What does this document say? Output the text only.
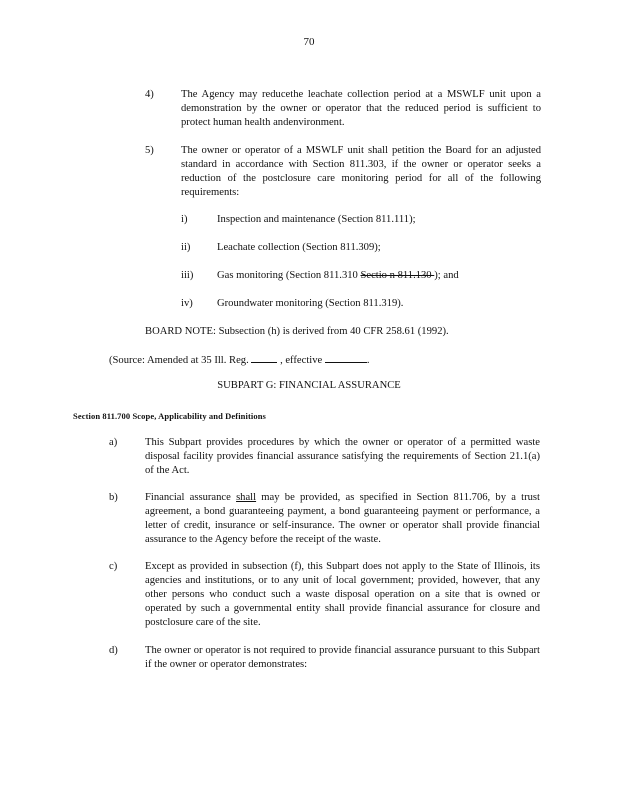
70
4)	The Agency may reducethe leachate collection period at a MSWLF unit upon a demonstration by the owner or operator that the reduced period is sufficient to protect human health andenvironment.
5)	The owner or operator of a MSWLF unit shall petition the Board for an adjusted standard in accordance with Section 811.303, if the owner or operator seeks a reduction of the postclosure care monitoring period for all of the following requirements:
i)	Inspection and maintenance (Section 811.111);
ii)	Leachate collection (Section 811.309);
iii)	Gas monitoring (Section 811.310 Sectio n 811.130 ); and
iv)	Groundwater monitoring (Section 811.319).
BOARD NOTE: Subsection (h) is derived from 40 CFR 258.61 (1992).
(Source: Amended at 35 Ill. Reg.	, effective	.
SUBPART G: FINANCIAL ASSURANCE
Section 811.700 Scope, Applicability and Definitions
a)	This Subpart provides procedures by which the owner or operator of a permitted waste disposal facility provides financial assurance satisfying the requirements of Section 21.1(a) of the Act.
b)	Financial assurance shall may be provided, as specified in Section 811.706, by a trust agreement, a bond guaranteeing payment, a bond guaranteeing payment or performance, a letter of credit, insurance or self-insurance. The owner or operator shall provide financial assurance to the Agency before the receipt of the waste.
c)	Except as provided in subsection (f), this Subpart does not apply to the State of Illinois, its agencies and institutions, or to any unit of local government; provided, however, that any other persons who conduct such a waste disposal operation on a site that is owned or operated by such a governmental entity shall provide financial assurance for closure and postclosure care of the site.
d)	The owner or operator is not required to provide financial assurance pursuant to this Subpart if the owner or operator demonstrates:
